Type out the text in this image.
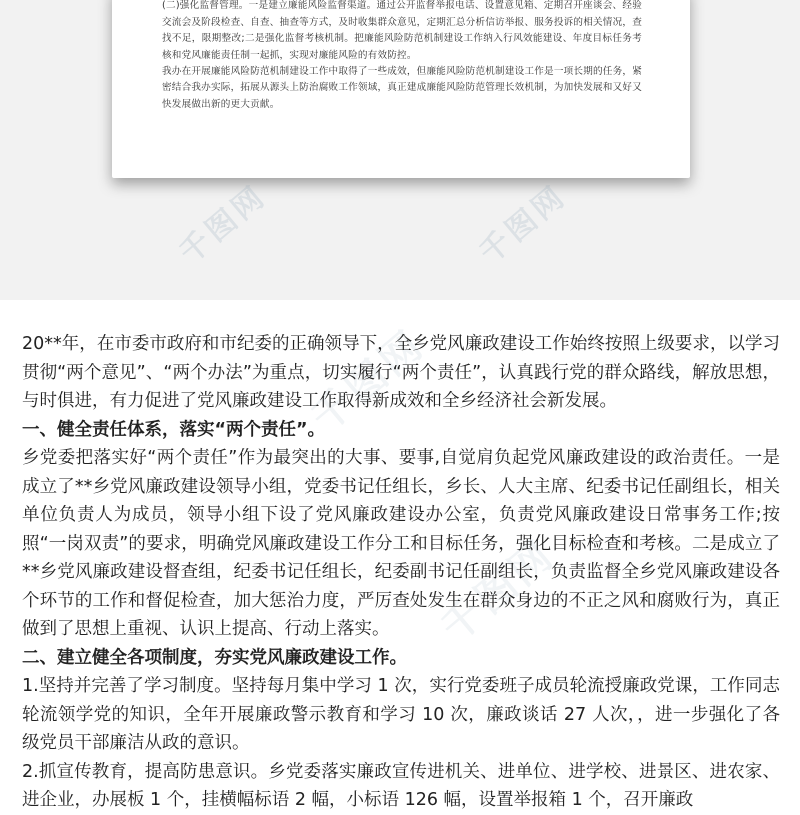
(二)强化监督管理。一是建立廉能风险监督渠道。通过公开监督举报电话、设置意见箱、定期召开座谈会、经验交流会及阶段检查、自查、抽查等方式，及时收集群众意见，定期汇总分析信访举报、服务投诉的相关情况，查找不足，限期整改;二是强化监督考核机制。把廉能风险防范机制建设工作纳入行风效能建设、年度目标任务考核和党风廉能责任制一起抓，实现对廉能风险的有效防控。

我办在开展廉能风险防范机制建设工作中取得了一些成效，但廉能风险防范机制建设工作是一项长期的任务，紧密结合我办实际，拓展从源头上防治腐败工作领域，真正建成廉能风险防范管理长效机制，为加快发展和又好又快发展做出新的更大贡献。

千图网	千图网
千图网
千图网

20**年，在市委市政府和市纪委的正确领导下，全乡党风廉政建设工作始终按照上级要求，以学习贯彻“两个意见”、“两个办法”为重点，切实履行“两个责任”，认真践行党的群众路线，解放思想，与时俱进，有力促进了党风廉政建设工作取得新成效和全乡经济社会新发展。

一、健全责任体系，落实“两个责任”。

乡党委把落实好“两个责任”作为最突出的大事、要事,自觉肩负起党风廉政建设的政治责任。一是成立了**乡党风廉政建设领导小组，党委书记任组长，乡长、人大主席、纪委书记任副组长，相关单位负责人为成员，领导小组下设了党风廉政建设办公室，负责党风廉政建设日常事务工作;按照“一岗双责”的要求，明确党风廉政建设工作分工和目标任务，强化目标检查和考核。二是成立了**乡党风廉政建设督查组，纪委书记任组长，纪委副书记任副组长，负责监督全乡党风廉政建设各个环节的工作和督促检查，加大惩治力度，严厉查处发生在群众身边的不正之风和腐败行为，真正做到了思想上重视、认识上提高、行动上落实。

二、建立健全各项制度，夯实党风廉政建设工作。

1.坚持并完善了学习制度。坚持每月集中学习 1 次，实行党委班子成员轮流授廉政党课，工作同志轮流领学党的知识，全年开展廉政警示教育和学习 10 次，廉政谈话 27 人次，，进一步强化了各级党员干部廉洁从政的意识。

2.抓宣传教育，提高防患意识。乡党委落实廉政宣传进机关、进单位、进学校、进景区、进农家、进企业，办展板 1 个，挂横幅标语 2 幅，小标语 126 幅，设置举报箱 1 个，召开廉政
